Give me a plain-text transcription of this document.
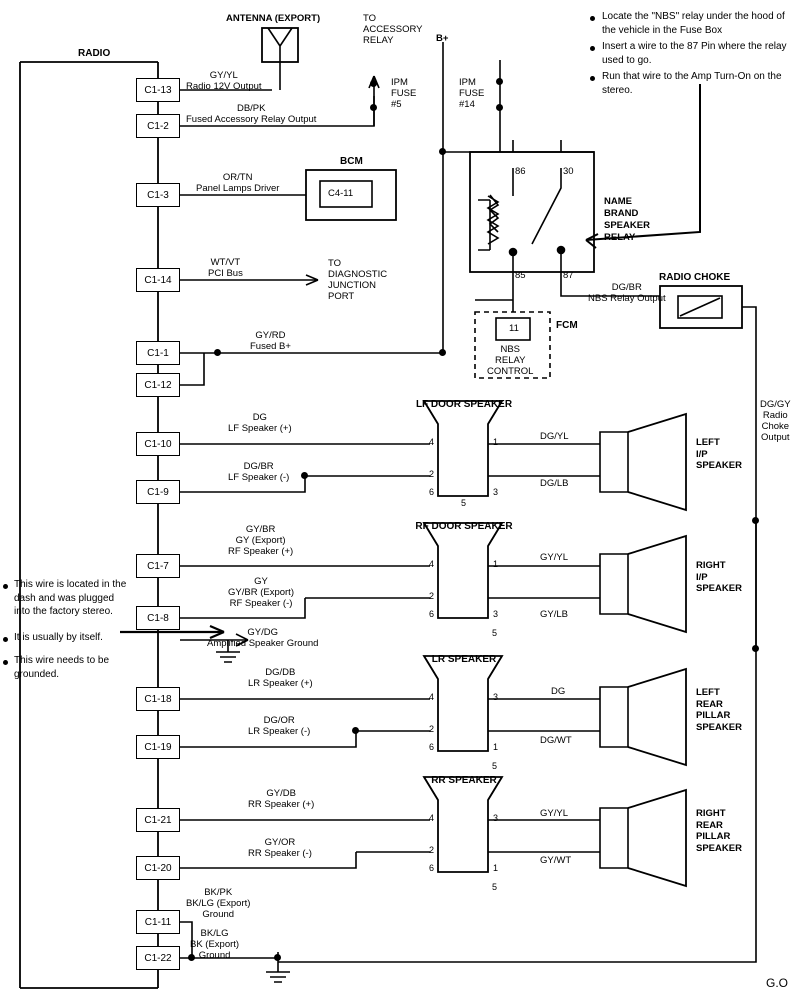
RADIO
ANTENNA (EXPORT)	TO
ACCESSORY
RELAY	B+
IPM
FUSE
#5
IPM
FUSE
#14
C1-13
C1-2
C1-3
C1-14
C1-1
C1-12
C1-10
C1-9
C1-7
C1-8
C1-18
C1-19
C1-21
C1-20
C1-11
C1-22
GY/YL
Radio 12V Output
DB/PK
Fused Accessory Relay Output
OR/TN
Panel Lamps Driver
WT/VT
PCI Bus
GY/RD
Fused B+
DG
LF Speaker (+)
DG/BR
LF Speaker (-)
GY/BR
GY (Export)
RF Speaker (+)
GY
GY/BR (Export)
RF Speaker (-)
GY/DG
Amplified Speaker Ground
DG/DB
LR Speaker (+)
DG/OR
LR Speaker (-)
GY/DB
RR Speaker (+)
GY/OR
RR Speaker (-)
BK/PK
BK/LG (Export)
Ground
BK/LG
BK (Export)
Ground
DG/BR
NBS Relay Output
DG/GY
Radio
Choke
Output
DG/YL
DG/LB
GY/YL
GY/LB
DG
DG/WT
GY/YL
GY/WT
BCM
C4-11
TO
DIAGNOSTIC
JUNCTION
PORT
86	30
85	87
NAME
BRAND
SPEAKER
RELAY
FCM
11
NBS
RELAY
CONTROL
RADIO CHOKE
LF DOOR SPEAKER
RF DOOR SPEAKER
LR SPEAKER
RR SPEAKER
4
2
6
1
3
5
4
2
6
1
3
5
4
2
6
3
1
5
4
2
6
3
1
5
LEFT
I/P
SPEAKER
RIGHT
I/P
SPEAKER
LEFT
REAR
PILLAR
SPEAKER
RIGHT
REAR
PILLAR
SPEAKER
Locate the "NBS" relay under the hood of the vehicle in the Fuse Box
Insert a wire to the 87 Pin where the relay used to go.
Run that wire to the Amp Turn-On on the stereo.
This wire is located in the dash and was plugged into the factory stereo.
It is usually by itself.
This wire needs to be grounded.
G.O
